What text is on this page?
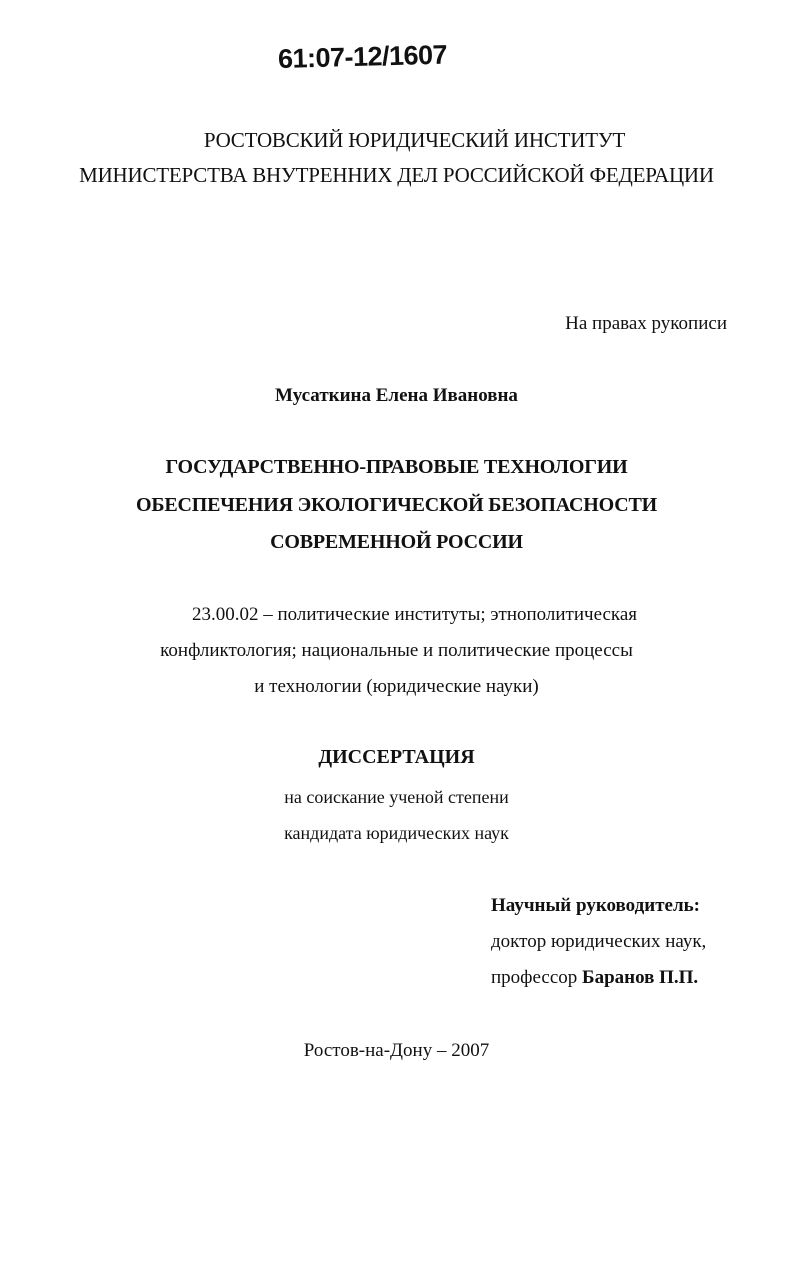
61:07-12/1607
РОСТОВСКИЙ ЮРИДИЧЕСКИЙ ИНСТИТУТ
МИНИСТЕРСТВА ВНУТРЕННИХ ДЕЛ РОССИЙСКОЙ ФЕДЕРАЦИИ
На правах рукописи
Мусаткина Елена Ивановна
ГОСУДАРСТВЕННО-ПРАВОВЫЕ ТЕХНОЛОГИИ
ОБЕСПЕЧЕНИЯ ЭКОЛОГИЧЕСКОЙ БЕЗОПАСНОСТИ
СОВРЕМЕННОЙ РОССИИ
23.00.02 – политические институты; этнополитическая
конфликтология; национальные и политические процессы
и технологии (юридические науки)
ДИССЕРТАЦИЯ
на соискание ученой степени
кандидата юридических наук
Научный руководитель:
доктор юридических наук,
профессор Баранов П.П.
Ростов-на-Дону – 2007
